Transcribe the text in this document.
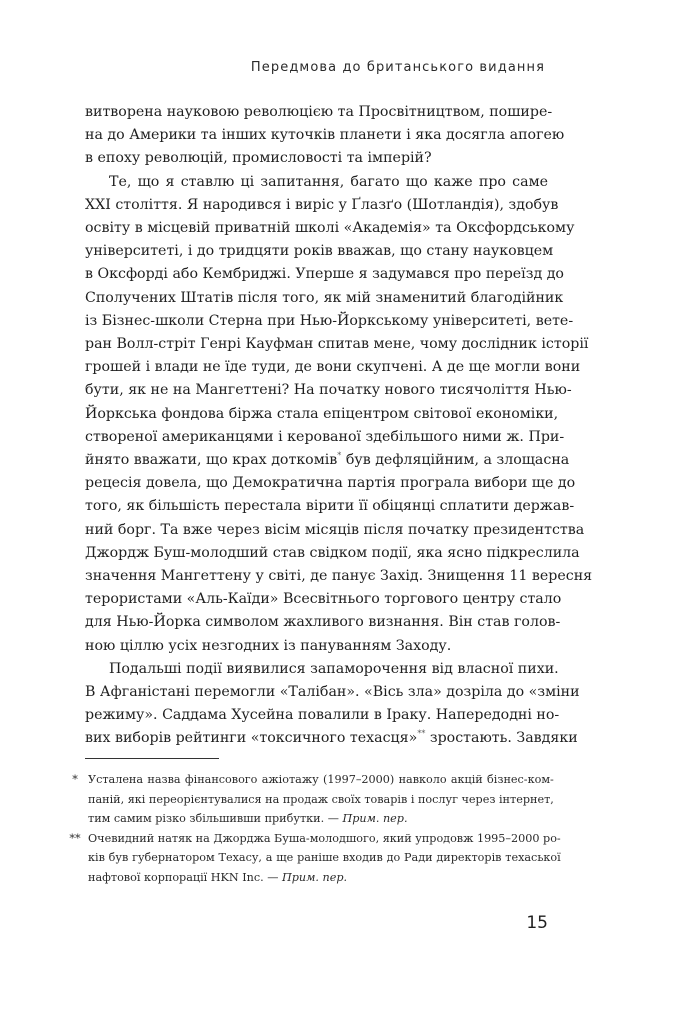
Передмова до британського видання
витворена науковою революцією та Просвітництвом, пошире-
на до Америки та інших куточків планети і яка досягла апогею
в епоху революцій, промисловості та імперій?
Те, що я ставлю ці запитання, багато що каже про саме
XXI століття. Я народився і виріс у Ґлазґо (Шотландія), здобув
освіту в місцевій приватній школі «Академія» та Оксфордському
університеті, і до тридцяти років вважав, що стану науковцем
в Оксфорді або Кембриджі. Уперше я задумався про переїзд до
Сполучених Штатів після того, як мій знаменитий благодійник
із Бізнес-школи Стерна при Нью-Йоркському університеті, вете-
ран Волл-стріт Генрі Кауфман спитав мене, чому дослідник історії
грошей і влади не їде туди, де вони скупчені. А де ще могли вони
бути, як не на Мангеттені? На початку нового тисячоліття Нью-
Йоркська фондова біржа стала епіцентром світової економіки,
створеної американцями і керованої здебільшого ними ж. При-
йнято вважати, що крах доткомів* був дефляційним, а злощасна
рецесія довела, що Демократична партія програла вибори ще до
того, як більшість перестала вірити її обіцянці сплатити держав-
ний борг. Та вже через вісім місяців після початку президентства
Джордж Буш-молодший став свідком події, яка ясно підкреслила
значення Мангеттену у світі, де панує Захід. Знищення 11 вересня
терористами «Аль-Каїди» Всесвітнього торгового центру стало
для Нью-Йорка символом жахливого визнання. Він став голов-
ною ціллю усіх незгодних із пануванням Заходу.
Подальші події виявилися запаморочення від власної пихи.
В Афганістані перемогли «Талібан». «Вісь зла» дозріла до «зміни
режиму». Саддама Хусейна повалили в Іраку. Напередодні но-
вих виборів рейтинги «токсичного техасця»** зростають. Завдяки
* Усталена назва фінансового ажіотажу (1997–2000) навколо акцій бізнес-ком-
паній, які переорієнтувалися на продаж своїх товарів і послуг через інтернет,
тим самим різко збільшивши прибутки. — Прим. пер.
** Очевидний натяк на Джорджа Буша-молодшого, який упродовж 1995–2000 ро-
ків був губернатором Техасу, а ще раніше входив до Ради директорів техаської
нафтової корпорації HKN Inc. — Прим. пер.
15
